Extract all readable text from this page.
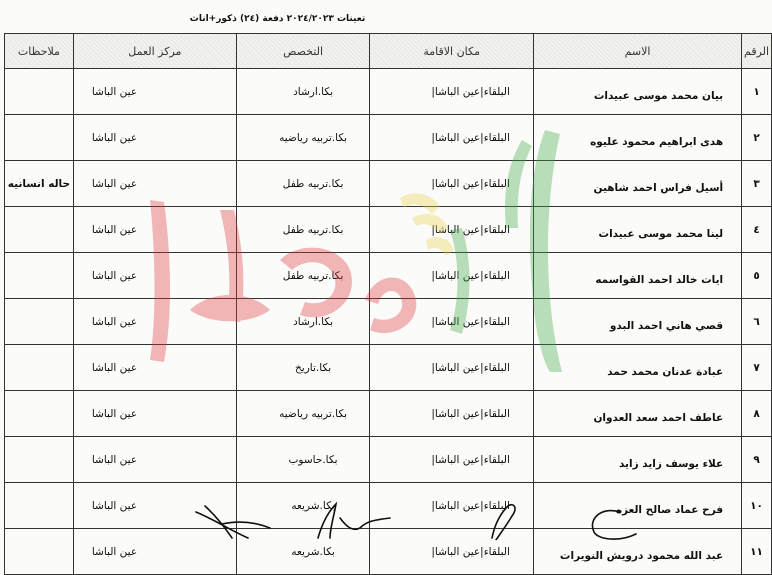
تعينات ٢٠٢٤/٢٠٢٣ دفعة (٢٤) ذكور+اناث
الرقم	الاسم	مكان الاقامة	التخصص	مركز العمل	ملاحظات
١	بيان محمد موسى عبيدات	البلقاء|عين الباشا|	بكا.ارشاد	عين الباشا	
٢	هدى ابراهيم محمود عليوه	البلقاء|عين الباشا|	بكا.تربيه رياضيه	عين الباشا	
٣	أسيل فراس احمد شاهين	البلقاء|عين الباشا|	بكا.تربيه طفل	عين الباشا	حاله انسانيه
٤	لينا محمد موسى عبيدات	البلقاء|عين الباشا|	بكا.تربيه طفل	عين الباشا	
٥	ايات خالد احمد القواسمه	البلقاء|عين الباشا|	بكا.تربيه طفل	عين الباشا	
٦	قصي هاني احمد البدو	البلقاء|عين الباشا|	بكا.ارشاد	عين الباشا	
٧	عبادة عدنان محمد حمد	البلقاء|عين الباشا|	بكا.تاريخ	عين الباشا	
٨	عاطف احمد سعد العدوان	البلقاء|عين الباشا|	بكا.تربيه رياضيه	عين الباشا	
٩	علاء يوسف زايد زايد	البلقاء|عين الباشا|	بكا.حاسوب	عين الباشا	
١٠	فرح عماد صالح العزه	البلقاء|عين الباشا|	بكا.شريعه	عين الباشا	
١١	عبد الله محمود درويش النويرات	البلقاء|عين الباشا|	بكا.شريعه	عين الباشا	
